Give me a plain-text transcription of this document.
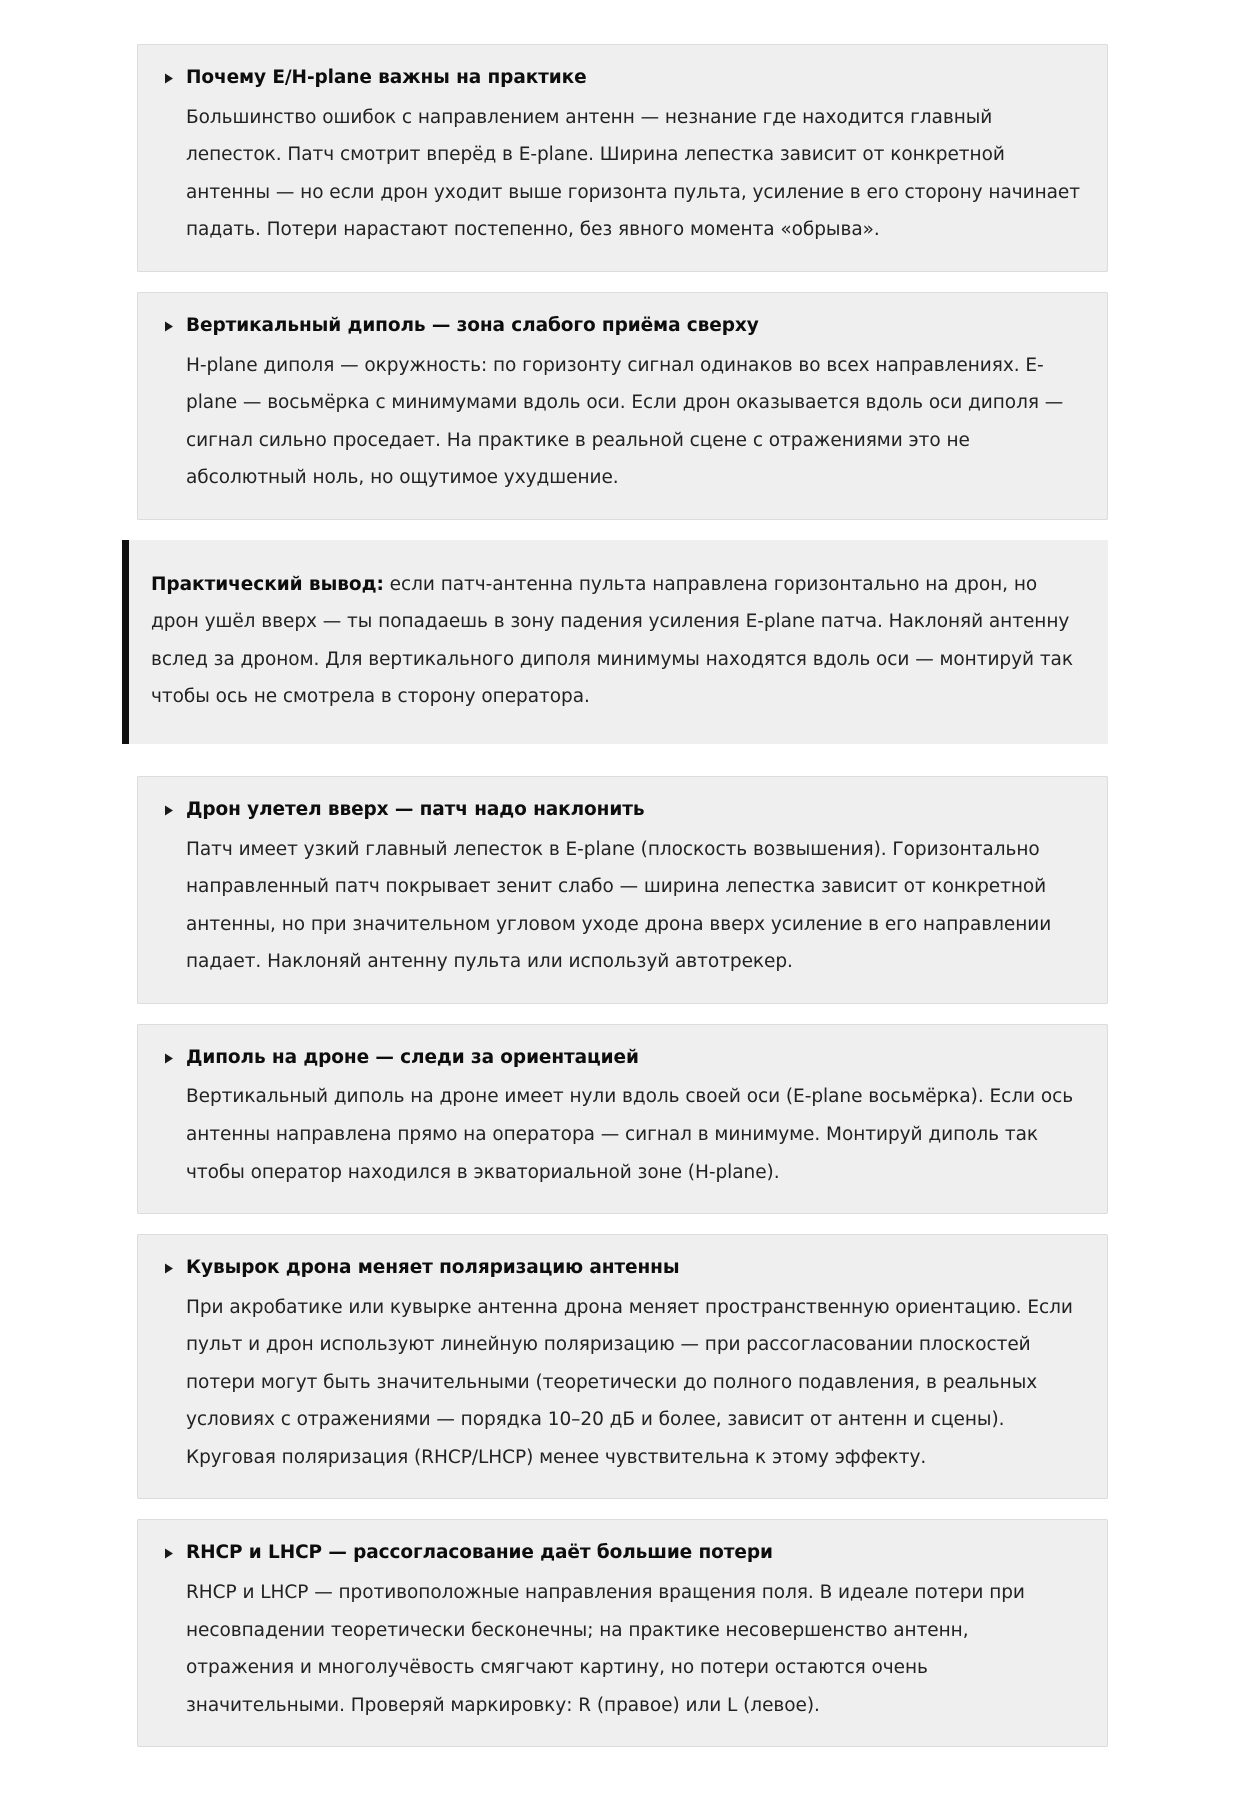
Почему E/H-plane важны на практике

Большинство ошибок с направлением антенн — незнание где находится главный лепесток. Патч смотрит вперёд в E-plane. Ширина лепестка зависит от конкретной антенны — но если дрон уходит выше горизонта пульта, усиление в его сторону начинает падать. Потери нарастают постепенно, без явного момента «обрыва».

Вертикальный диполь — зона слабого приёма сверху

H-plane диполя — окружность: по горизонту сигнал одинаков во всех направлениях. E-plane — восьмёрка с минимумами вдоль оси. Если дрон оказывается вдоль оси диполя — сигнал сильно проседает. На практике в реальной сцене с отражениями это не абсолютный ноль, но ощутимое ухудшение.

Практический вывод: если патч-антенна пульта направлена горизонтально на дрон, но дрон ушёл вверх — ты попадаешь в зону падения усиления E-plane патча. Наклоняй антенну вслед за дроном. Для вертикального диполя минимумы находятся вдоль оси — монтируй так чтобы ось не смотрела в сторону оператора.

Дрон улетел вверх — патч надо наклонить

Патч имеет узкий главный лепесток в E-plane (плоскость возвышения). Горизонтально направленный патч покрывает зенит слабо — ширина лепестка зависит от конкретной антенны, но при значительном угловом уходе дрона вверх усиление в его направлении падает. Наклоняй антенну пульта или используй автотрекер.

Диполь на дроне — следи за ориентацией

Вертикальный диполь на дроне имеет нули вдоль своей оси (E-plane восьмёрка). Если ось антенны направлена прямо на оператора — сигнал в минимуме. Монтируй диполь так чтобы оператор находился в экваториальной зоне (H-plane).

Кувырок дрона меняет поляризацию антенны

При акробатике или кувырке антенна дрона меняет пространственную ориентацию. Если пульт и дрон используют линейную поляризацию — при рассогласовании плоскостей потери могут быть значительными (теоретически до полного подавления, в реальных условиях с отражениями — порядка 10–20 дБ и более, зависит от антенн и сцены). Круговая поляризация (RHCP/LHCP) менее чувствительна к этому эффекту.

RHCP и LHCP — рассогласование даёт большие потери

RHCP и LHCP — противоположные направления вращения поля. В идеале потери при несовпадении теоретически бесконечны; на практике несовершенство антенн, отражения и многолучёвость смягчают картину, но потери остаются очень значительными. Проверяй маркировку: R (правое) или L (левое).
